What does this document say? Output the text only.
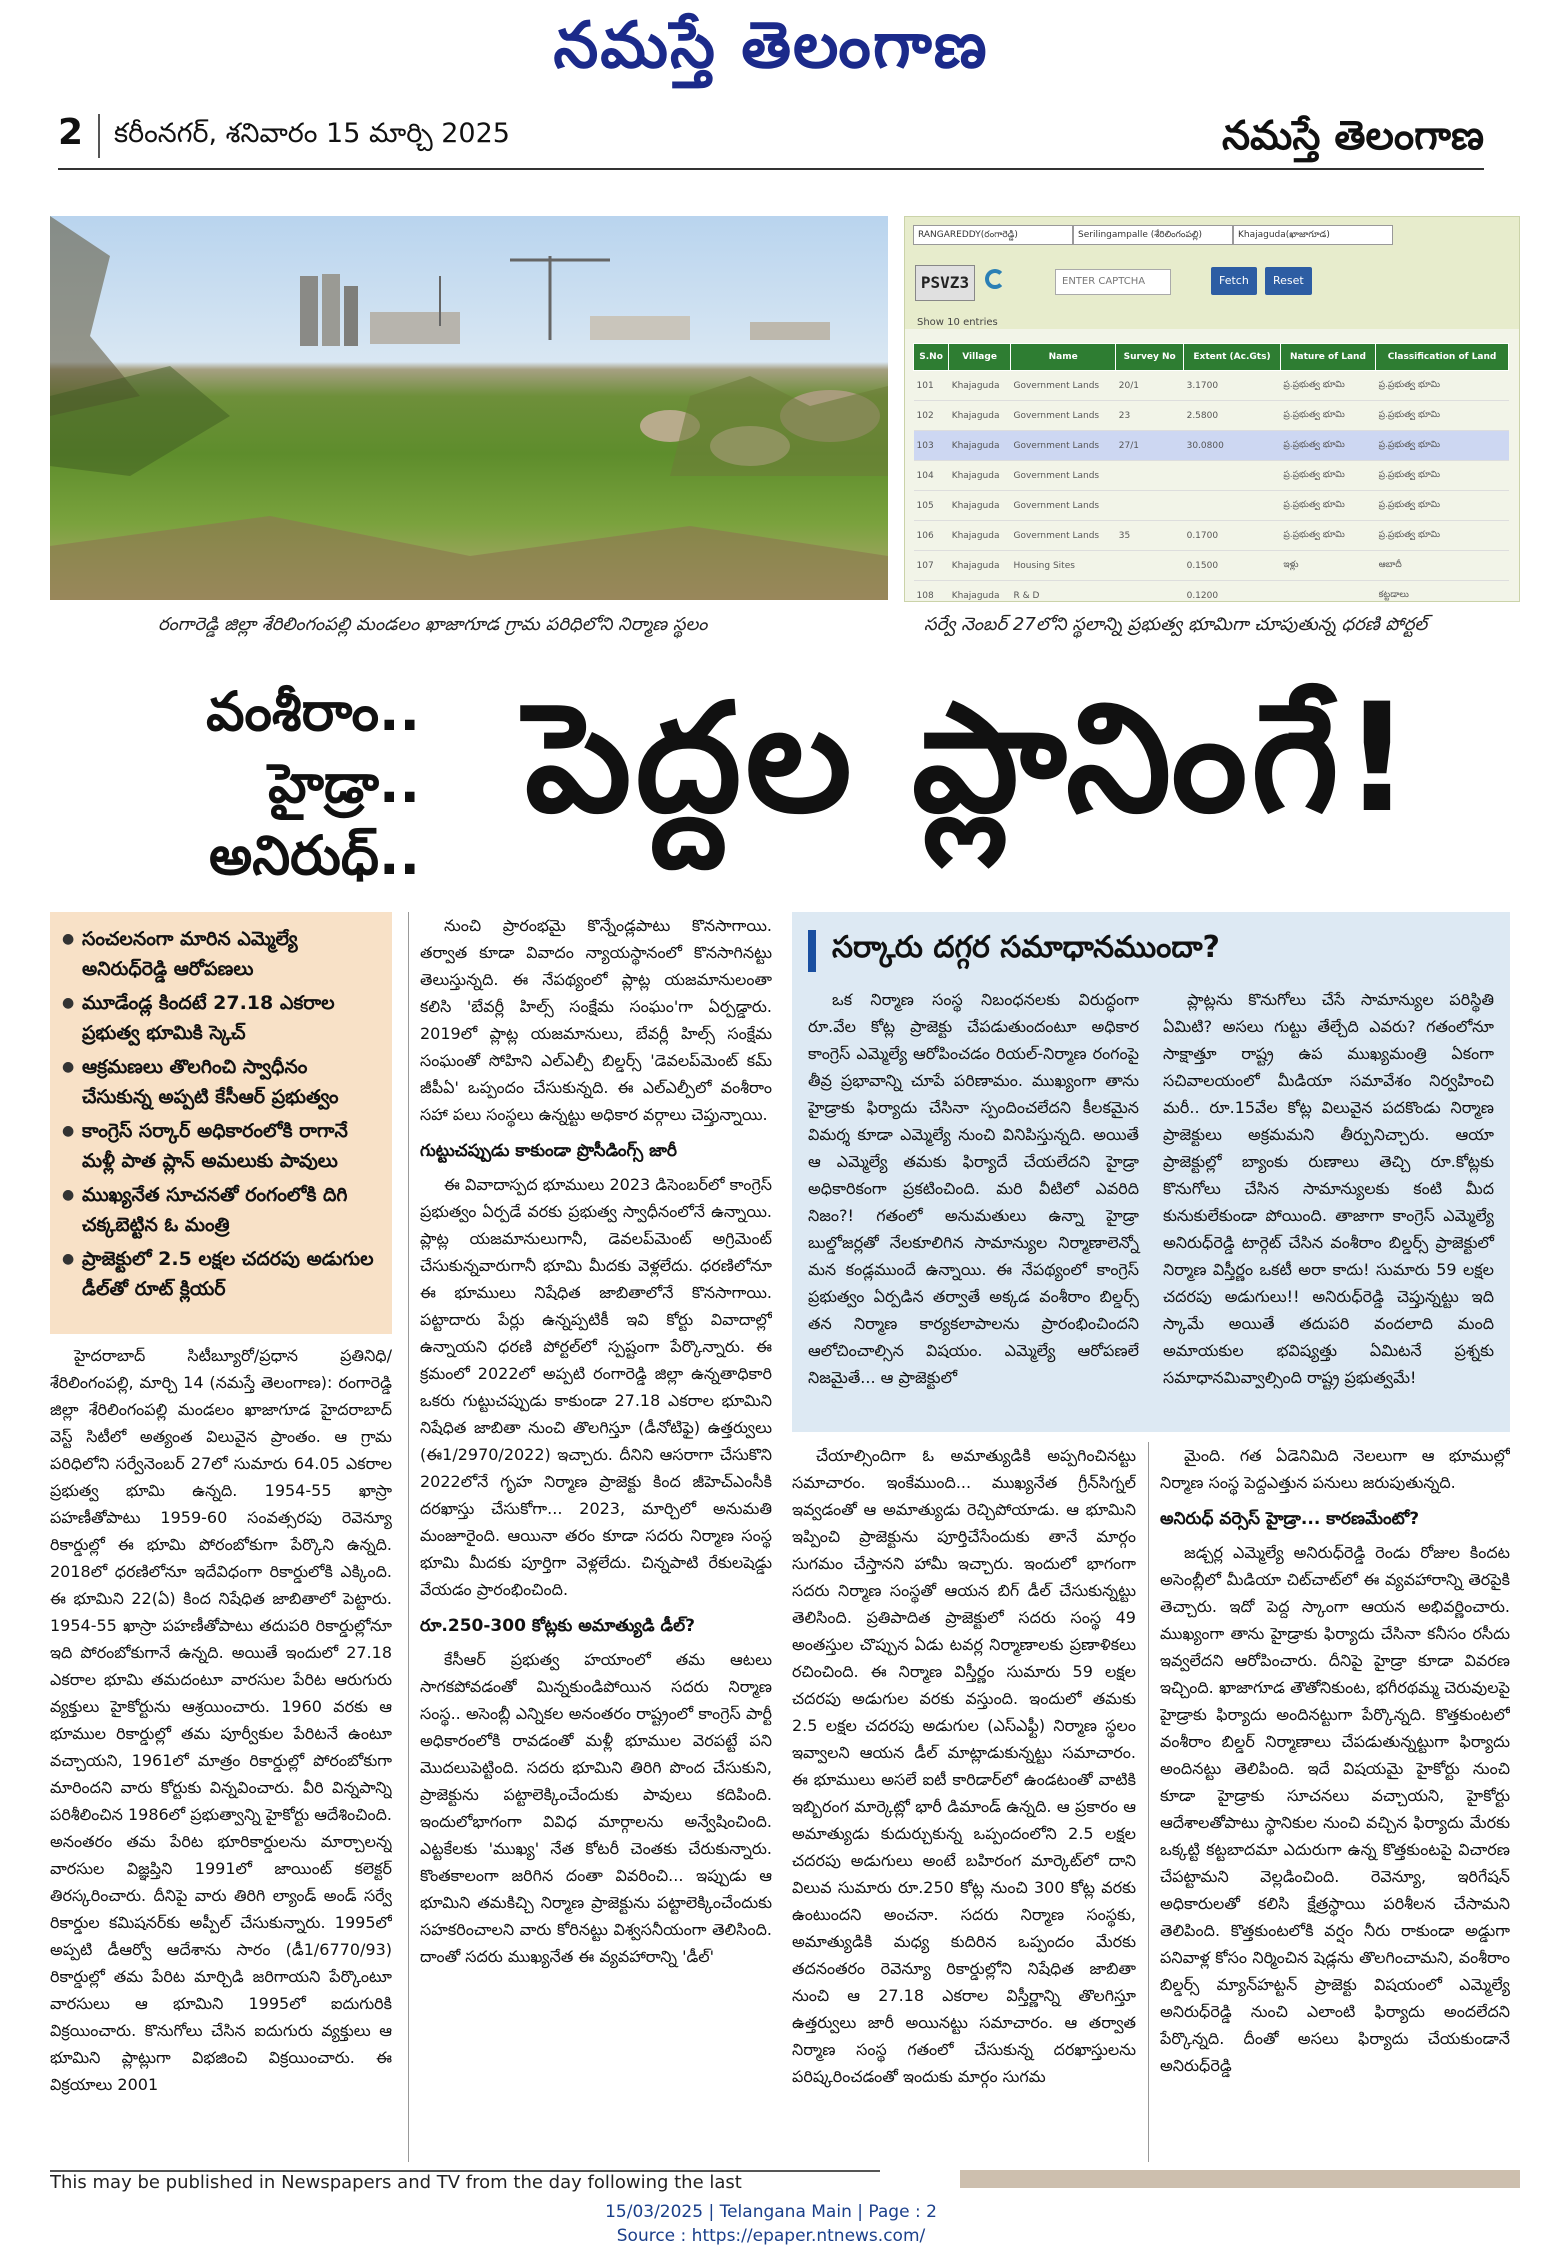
నమస్తే తెలంగాణ
2 కరీంనగర్, శనివారం 15 మార్చి 2025	నమస్తే తెలంగాణ
RANGAREDDY(రంగారెడ్డి)	Serilingampalle (శేరిలింగంపల్లి)	Khajaguda(ఖాజాగూడ)
PSVZ3	ENTER CAPTCHA	Fetch	Reset
Show 10 entries
S.No	Village	Name	Survey No	Extent (Ac.Gts)	Nature of Land	Classification of Land
101	Khajaguda	Government Lands	20/1	3.1700	ప్ర.ప్రభుత్వ భూమి	ప్ర.ప్రభుత్వ భూమి
102	Khajaguda	Government Lands	23	2.5800	ప్ర.ప్రభుత్వ భూమి	ప్ర.ప్రభుత్వ భూమి
103	Khajaguda	Government Lands	27/1	30.0800	ప్ర.ప్రభుత్వ భూమి	ప్ర.ప్రభుత్వ భూమి
104	Khajaguda	Government Lands			ప్ర.ప్రభుత్వ భూమి	ప్ర.ప్రభుత్వ భూమి
105	Khajaguda	Government Lands			ప్ర.ప్రభుత్వ భూమి	ప్ర.ప్రభుత్వ భూమి
106	Khajaguda	Government Lands	35	0.1700	ప్ర.ప్రభుత్వ భూమి	ప్ర.ప్రభుత్వ భూమి
107	Khajaguda	Housing Sites		0.1500	ఇళ్లు	ఆబాదీ
108	Khajaguda	R & D		0.1200		కట్టడాలు
రంగారెడ్డి జిల్లా శేరిలింగంపల్లి మండలం ఖాజాగూడ గ్రామ పరిధిలోని నిర్మాణ స్థలం	సర్వే నెంబర్ 27లోని స్థలాన్ని ప్రభుత్వ భూమిగా చూపుతున్న ధరణి పోర్టల్
వంశీరాం..
హైడ్రా..
అనిరుధ్..
పెద్దల ప్లానింగే!
● సంచలనంగా మారిన ఎమ్మెల్యే అనిరుధ్‌రెడ్డి ఆరోపణలు
● మూడేండ్ల కిందటే 27.18 ఎకరాల ప్రభుత్వ భూమికి స్కెచ్
● ఆక్రమణలు తొలగించి స్వాధీనం చేసుకున్న అప్పటి కేసీఆర్ ప్రభుత్వం
● కాంగ్రెస్ సర్కార్ అధికారంలోకి రాగానే మళ్లీ పాత ప్లాన్ అమలుకు పావులు
● ముఖ్యనేత సూచనతో రంగంలోకి దిగి చక్కబెట్టిన ఓ మంత్రి
● ప్రాజెక్టులో 2.5 లక్షల చదరపు అడుగుల డీల్‌తో రూట్ క్లియర్

హైదరాబాద్ సిటీబ్యూరో/ప్రధాన ప్రతినిధి/శేరిలింగంపల్లి, మార్చి 14 (నమస్తే తెలంగాణ): రంగారెడ్డి జిల్లా శేరిలింగంపల్లి మండలం ఖాజాగూడ హైదరాబాద్ వెస్ట్ సిటీలో అత్యంత విలువైన ప్రాంతం. ఆ గ్రామ పరిధిలోని సర్వేనెంబర్ 27లో సుమారు 64.05 ఎకరాల ప్రభుత్వ భూమి ఉన్నది. 1954-55 ఖాస్రా పహణీతోపాటు 1959-60 సంవత్సరపు రెవెన్యూ రికార్డుల్లో ఈ భూమి పోరంబోకుగా పేర్కొని ఉన్నది. 2018లో ధరణిలోనూ ఇదేవిధంగా రికార్డులోకి ఎక్కింది. ఈ భూమిని 22(ఏ) కింద నిషేధిత జాబితాలో పెట్టారు. 1954-55 ఖాస్రా పహణీతోపాటు తదుపరి రికార్డుల్లోనూ ఇది పోరంబోకుగానే ఉన్నది. అయితే ఇందులో 27.18 ఎకరాల భూమి తమదంటూ వారసుల పేరిట ఆరుగురు వ్యక్తులు హైకోర్టును ఆశ్రయించారు. 1960 వరకు ఆ భూముల రికార్డుల్లో తమ పూర్వీకుల పేరిటనే ఉంటూ వచ్చాయని, 1961లో మాత్రం రికార్డుల్లో పోరంబోకుగా మారిందని వారు కోర్టుకు విన్నవించారు. వీరి విన్నపాన్ని పరిశీలించిన 1986లో ప్రభుత్వాన్ని హైకోర్టు ఆదేశించింది. అనంతరం తమ పేరిట భూరికార్డులను మార్చాలన్న వారసుల విజ్ఞప్తిని 1991లో జాయింట్ కలెక్టర్ తిరస్కరించారు. దీనిపై వారు తిరిగి ల్యాండ్ అండ్ సర్వే రికార్డుల కమిషనర్‌కు అప్పీల్ చేసుకున్నారు. 1995లో అప్పటి డీఆర్వో ఆదేశాను సారం (డీ1/6770/93) రికార్డుల్లో తమ పేరిట మార్చిడి జరిగాయని పేర్కొంటూ వారసులు ఆ భూమిని 1995లో ఐదుగురికి విక్రయించారు. కొనుగోలు చేసిన ఐదుగురు వ్యక్తులు ఆ భూమిని ప్లాట్లుగా విభజించి విక్రయించారు. ఈ విక్రయాలు 2001

నుంచి ప్రారంభమై కొన్నేండ్లపాటు కొనసాగాయి. తర్వాత కూడా వివాదం న్యాయస్థానంలో కొనసాగినట్టు తెలుస్తున్నది. ఈ నేపథ్యంలో ప్లాట్ల యజమానులంతా కలిసి 'బేవర్లీ హిల్స్ సంక్షేమ సంఘం'గా ఏర్పడ్డారు. 2019లో ప్లాట్ల యజమానులు, బేవర్లీ హిల్స్ సంక్షేమ సంఘంతో సోహిని ఎల్ఎల్పీ బిల్డర్స్ 'డెవలప్‌మెంట్ కమ్ జీపీఏ' ఒప్పందం చేసుకున్నది. ఈ ఎల్ఎల్పీలో వంశీరాం సహా పలు సంస్థలు ఉన్నట్టు అధికార వర్గాలు చెప్తున్నాయి.

గుట్టుచప్పుడు కాకుండా ప్రొసీడింగ్స్ జారీ

ఈ వివాదాస్పద భూములు 2023 డిసెంబర్‌లో కాంగ్రెస్ ప్రభుత్వం ఏర్పడే వరకు ప్రభుత్వ స్వాధీనంలోనే ఉన్నాయి. ప్లాట్ల యజమానులుగానీ, డెవలప్‌మెంట్ అగ్రిమెంట్ చేసుకున్నవారుగానీ భూమి మీదకు వెళ్లలేదు. ధరణిలోనూ ఈ భూములు నిషేధిత జాబితాలోనే కొనసాగాయి. పట్టాదారు పేర్లు ఉన్నప్పటికీ ఇవి కోర్టు వివాదాల్లో ఉన్నాయని ధరణి పోర్టల్‌లో స్పష్టంగా పేర్కొన్నారు. ఈ క్రమంలో 2022లో అప్పటి రంగారెడ్డి జిల్లా ఉన్నతాధికారి ఒకరు గుట్టుచప్పుడు కాకుండా 27.18 ఎకరాల భూమిని నిషేధిత జాబితా నుంచి తొలగిస్తూ (డీనోటిఫై) ఉత్తర్వులు (ఈ1/2970/2022) ఇచ్చారు. దీనిని ఆసరాగా చేసుకొని 2022లోనే గృహ నిర్మాణ ప్రాజెక్టు కింద జీహెచ్ఎంసీకి దరఖాస్తు చేసుకోగా... 2023, మార్చిలో అనుమతి మంజూరైంది. ఆయినా తరం కూడా సదరు నిర్మాణ సంస్థ భూమి మీదకు పూర్తిగా వెళ్లలేదు. చిన్నపాటి రేకులషెడ్డు వేయడం ప్రారంభించింది.

రూ.250-300 కోట్లకు అమాత్యుడి డీల్?

కేసీఆర్ ప్రభుత్వ హయాంలో తమ ఆటలు సాగకపోవడంతో మిన్నకుండిపోయిన సదరు నిర్మాణ సంస్థ.. అసెంబ్లీ ఎన్నికల అనంతరం రాష్ట్రంలో కాంగ్రెస్ పార్టీ అధికారంలోకి రావడంతో మళ్లీ భూముల వెరపట్టే పని మొదలుపెట్టింది. సదరు భూమిని తిరిగి పొంద చేసుకుని, ప్రాజెక్టును పట్టాలెక్కించేందుకు పావులు కదిపింది. ఇందులోభాగంగా వివిధ మార్గాలను అన్వేషించింది. ఎట్టకేలకు 'ముఖ్య' నేత కోటరీ చెంతకు చేరుకున్నారు. కొంతకాలంగా జరిగిన దంతా వివరించి... ఇప్పుడు ఆ భూమిని తమకిచ్చి నిర్మాణ ప్రాజెక్టును పట్టాలెక్కించేందుకు సహకరించాలని వారు కోరినట్టు విశ్వసనీయంగా తెలిసింది. దాంతో సదరు ముఖ్యనేత ఈ వ్యవహారాన్ని 'డీల్'

సర్కారు దగ్గర సమాధానముందా?

ఒక నిర్మాణ సంస్థ నిబంధనలకు విరుద్ధంగా రూ.వేల కోట్ల ప్రాజెక్టు చేపడుతుందంటూ అధికార కాంగ్రెస్ ఎమ్మెల్యే ఆరోపించడం రియల్-నిర్మాణ రంగంపై తీవ్ర ప్రభావాన్ని చూపే పరిణామం. ముఖ్యంగా తాను హైడ్రాకు ఫిర్యాదు చేసినా స్పందించలేదని కీలకమైన విమర్శ కూడా ఎమ్మెల్యే నుంచి వినిపిస్తున్నది. అయితే ఆ ఎమ్మెల్యే తమకు ఫిర్యాదే చేయలేదని హైడ్రా అధికారికంగా ప్రకటించింది. మరి వీటిలో ఎవరిది నిజం?! గతంలో అనుమతులు ఉన్నా హైడ్రా బుల్డోజర్లతో నేలకూలిగిన సామాన్యుల నిర్మాణాలెన్నో మన కండ్లముందే ఉన్నాయి. ఈ నేపథ్యంలో కాంగ్రెస్ ప్రభుత్వం ఏర్పడిన తర్వాతే అక్కడ వంశీరాం బిల్డర్స్ తన నిర్మాణ కార్యకలాపాలను ప్రారంభించిందని ఆలోచించాల్సిన విషయం. ఎమ్మెల్యే ఆరోపణలే నిజమైతే... ఆ ప్రాజెక్టులో

ప్లాట్లను కొనుగోలు చేసే సామాన్యుల పరిస్థితి ఏమిటి? అసలు గుట్టు తేల్చేది ఎవరు? గతంలోనూ సాక్షాత్తూ రాష్ట్ర ఉప ముఖ్యమంత్రి ఏకంగా సచివాలయంలో మీడియా సమావేశం నిర్వహించి మరీ.. రూ.15వేల కోట్ల విలువైన పదకొండు నిర్మాణ ప్రాజెక్టులు అక్రమమని తీర్పునిచ్చారు. ఆయా ప్రాజెక్టుల్లో బ్యాంకు రుణాలు తెచ్చి రూ.కోట్లకు కొనుగోలు చేసిన సామాన్యులకు కంటి మీద కునుకులేకుండా పోయింది. తాజాగా కాంగ్రెస్ ఎమ్మెల్యే అనిరుధ్‌రెడ్డి టార్గెట్ చేసిన వంశీరాం బిల్డర్స్ ప్రాజెక్టులో నిర్మాణ విస్తీర్ణం ఒకటీ అరా కాదు! సుమారు 59 లక్షల చదరపు అడుగులు!! అనిరుధ్‌రెడ్డి చెప్తున్నట్టు ఇది స్కామే అయితే తదుపరి వందలాది మంది అమాయకుల భవిష్యత్తు ఏమిటనే ప్రశ్నకు సమాధానమివ్వాల్సింది రాష్ట్ర ప్రభుత్వమే!

చేయాల్సిందిగా ఓ అమాత్యుడికి అప్పగించినట్టు సమాచారం. ఇంకేముంది... ముఖ్యనేత గ్రీన్‌సిగ్నల్ ఇవ్వడంతో ఆ అమాత్యుడు రెచ్చిపోయాడు. ఆ భూమిని ఇప్పించి ప్రాజెక్టును పూర్తిచేసేందుకు తానే మార్గం సుగమం చేస్తానని హామీ ఇచ్చారు. ఇందులో భాగంగా సదరు నిర్మాణ సంస్థతో ఆయన బిగ్ డీల్ చేసుకున్నట్టు తెలిసింది. ప్రతిపాదిత ప్రాజెక్టులో సదరు సంస్థ 49 అంతస్తుల చొప్పున ఏడు టవర్ల నిర్మాణాలకు ప్రణాళికలు రచించింది. ఈ నిర్మాణ విస్తీర్ణం సుమారు 59 లక్షల చదరపు అడుగుల వరకు వస్తుంది. ఇందులో తమకు 2.5 లక్షల చదరపు అడుగుల (ఎస్ఎఫ్టీ) నిర్మాణ స్థలం ఇవ్వాలని ఆయన డీల్ మాట్లాడుకున్నట్టు సమాచారం. ఈ భూములు అసలే ఐటీ కారిడార్‌లో ఉండటంతో వాటికి ఇబ్బిరంగ మార్కెట్లో భారీ డిమాండ్ ఉన్నది. ఆ ప్రకారం ఆ అమాత్యుడు కుదుర్చుకున్న ఒప్పందంలోని 2.5 లక్షల చదరపు అడుగులు అంటే బహిరంగ మార్కెట్‌లో దాని విలువ సుమారు రూ.250 కోట్ల నుంచి 300 కోట్ల వరకు ఉంటుందని అంచనా. సదరు నిర్మాణ సంస్థకు, అమాత్యుడికి మధ్య కుదిరిన ఒప్పందం మేరకు తదనంతరం రెవెన్యూ రికార్డుల్లోని నిషేధిత జాబితా నుంచి ఆ 27.18 ఎకరాల విస్తీర్ణాన్ని తొలగిస్తూ ఉత్తర్వులు జారీ అయినట్టు సమాచారం. ఆ తర్వాత నిర్మాణ సంస్థ గతంలో చేసుకున్న దరఖాస్తులను పరిష్కరించడంతో ఇందుకు మార్గం సుగమ

మైంది. గత ఏడెనిమిది నెలలుగా ఆ భూముల్లో నిర్మాణ సంస్థ పెద్దఎత్తున పనులు జరుపుతున్నది.

అనిరుధ్ వర్సెస్ హైడ్రా... కారణమేంటో?

జడ్చర్ల ఎమ్మెల్యే అనిరుధ్‌రెడ్డి రెండు రోజుల కిందట అసెంబ్లీలో మీడియా చిట్‌చాట్‌లో ఈ వ్యవహారాన్ని తెరపైకి తెచ్చారు. ఇదో పెద్ద స్కాంగా ఆయన అభివర్ణించారు. ముఖ్యంగా తాను హైడ్రాకు ఫిర్యాదు చేసినా కనీసం రసీదు ఇవ్వలేదని ఆరోపించారు. దీనిపై హైడ్రా కూడా వివరణ ఇచ్చింది. ఖాజాగూడ తౌతోనికుంట, భగీరథమ్మ చెరువులపై హైడ్రాకు ఫిర్యాదు అందినట్టుగా పేర్కొన్నది. కొత్తకుంటలో వంశీరాం బిల్డర్ నిర్మాణాలు చేపడుతున్నట్టుగా ఫిర్యాదు అందినట్టు తెలిపింది. ఇదే విషయమై హైకోర్టు నుంచి కూడా హైడ్రాకు సూచనలు వచ్చాయని, హైకోర్టు ఆదేశాలతోపాటు స్థానికుల నుంచి వచ్చిన ఫిర్యాదు మేరకు ఒక్కట్టి కట్టబాదమా ఎదురుగా ఉన్న కొత్తకుంటపై విచారణ చేపట్టామని వెల్లడించింది. రెవెన్యూ, ఇరిగేషన్ అధికారులతో కలిసి క్షేత్రస్థాయి పరిశీలన చేసామని తెలిపింది. కొత్తకుంటలోకి వర్షం నీరు రాకుండా అడ్డుగా పనివాళ్ల కోసం నిర్మించిన షెడ్లను తొలగించామని, వంశీరాం బిల్డర్స్ మ్యాన్‌హట్టన్ ప్రాజెక్టు విషయంలో ఎమ్మెల్యే అనిరుధ్‌రెడ్డి నుంచి ఎలాంటి ఫిర్యాదు అందలేదని పేర్కొన్నది. దీంతో అసలు ఫిర్యాదు చేయకుండానే అనిరుధ్‌రెడ్డి

This may be published in Newspapers and TV from the day following the last
15/03/2025 | Telangana Main | Page : 2
Source : https://epaper.ntnews.com/
